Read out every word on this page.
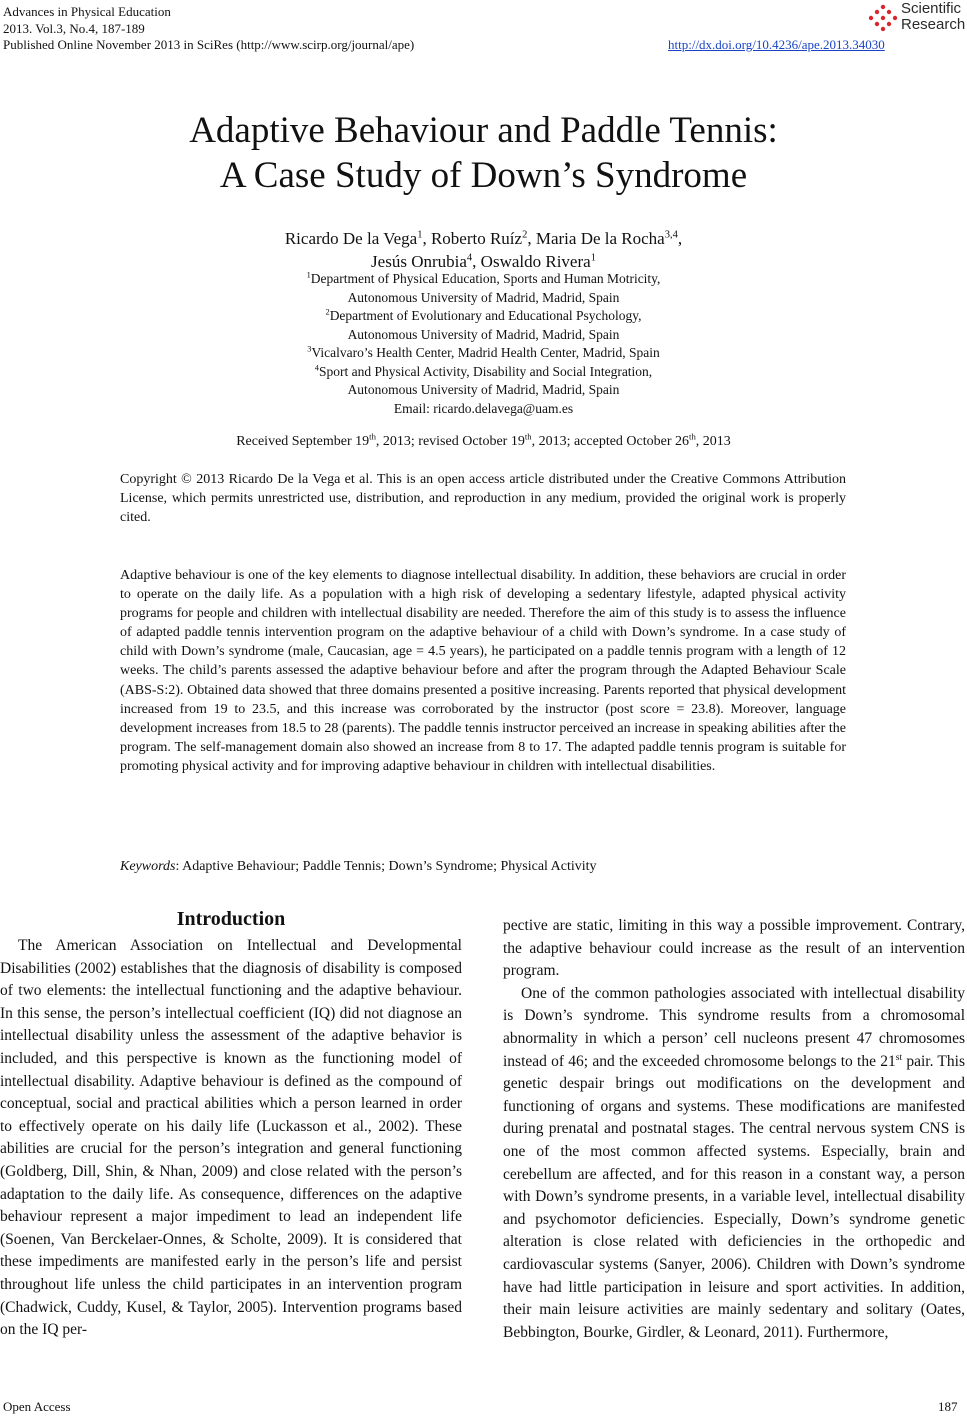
Advances in Physical Education
2013. Vol.3, No.4, 187-189
Published Online November 2013 in SciRes (http://www.scirp.org/journal/ape)	http://dx.doi.org/10.4236/ape.2013.34030
Scientific
Research
Adaptive Behaviour and Paddle Tennis:
A Case Study of Down’s Syndrome
Ricardo De la Vega$^1$, Roberto Ruíz$^2$, Maria De la Rocha$^{3,4}$,
Jesús Onrubia$^4$, Oswaldo Rivera$^1$
$^1$Department of Physical Education, Sports and Human Motricity,
Autonomous University of Madrid, Madrid, Spain
$^2$Department of Evolutionary and Educational Psychology,
Autonomous University of Madrid, Madrid, Spain
$^3$Vicalvaro’s Health Center, Madrid Health Center, Madrid, Spain
$^4$Sport and Physical Activity, Disability and Social Integration,
Autonomous University of Madrid, Madrid, Spain
Email: ricardo.delavega@uam.es
Received September 19th, 2013; revised October 19th, 2013; accepted October 26th, 2013
Copyright © 2013 Ricardo De la Vega et al. This is an open access article distributed under the Creative Commons Attribution License, which permits unrestricted use, distribution, and reproduction in any medium, provided the original work is properly cited.
Adaptive behaviour is one of the key elements to diagnose intellectual disability. In addition, these behaviors are crucial in order to operate on the daily life. As a population with a high risk of developing a sedentary lifestyle, adapted physical activity programs for people and children with intellectual disability are needed. Therefore the aim of this study is to assess the influence of adapted paddle tennis intervention program on the adaptive behaviour of a child with Down’s syndrome. In a case study of child with Down’s syndrome (male, Caucasian, age = 4.5 years), he participated on a paddle tennis program with a length of 12 weeks. The child’s parents assessed the adaptive behaviour before and after the program through the Adapted Behaviour Scale (ABS-S:2). Obtained data showed that three domains presented a positive increasing. Parents reported that physical development increased from 19 to 23.5, and this increase was corroborated by the instructor (post score = 23.8). Moreover, language development increases from 18.5 to 28 (parents). The paddle tennis instructor perceived an increase in speaking abilities after the program. The self-management domain also showed an increase from 8 to 17. The adapted paddle tennis program is suitable for promoting physical activity and for improving adaptive behaviour in children with intellectual disabilities.
Keywords: Adaptive Behaviour; Paddle Tennis; Down’s Syndrome; Physical Activity
Introduction

The American Association on Intellectual and Developmental Disabilities (2002) establishes that the diagnosis of disability is composed of two elements: the intellectual functioning and the adaptive behaviour. In this sense, the person’s intellectual coefficient (IQ) did not diagnose an intellectual disability unless the assessment of the adaptive behavior is included, and this perspective is known as the functioning model of intellectual disability. Adaptive behaviour is defined as the compound of conceptual, social and practical abilities which a person learned in order to effectively operate on his daily life (Luckasson et al., 2002). These abilities are crucial for the person’s integration and general functioning (Goldberg, Dill, Shin, & Nhan, 2009) and close related with the person’s adaptation to the daily life. As consequence, differences on the adaptive behaviour represent a major impediment to lead an independent life (Soenen, Van Berckelaer-Onnes, & Scholte, 2009). It is considered that these impediments are manifested early in the person’s life and persist throughout life unless the child participates in an intervention program (Chadwick, Cuddy, Kusel, & Taylor, 2005). Intervention programs based on the IQ per-

pective are static, limiting in this way a possible improvement. Contrary, the adaptive behaviour could increase as the result of an intervention program.

One of the common pathologies associated with intellectual disability is Down’s syndrome. This syndrome results from a chromosomal abnormality in which a person’ cell nucleons present 47 chromosomes instead of 46; and the exceeded chromosome belongs to the 21st pair. This genetic despair brings out modifications on the development and functioning of organs and systems. These modifications are manifested during prenatal and postnatal stages. The central nervous system CNS is one of the most common affected systems. Especially, brain and cerebellum are affected, and for this reason in a constant way, a person with Down’s syndrome presents, in a variable level, intellectual disability and psychomotor deficiencies. Especially, Down’s syndrome genetic alteration is close related with deficiencies in the orthopedic and cardiovascular systems (Sanyer, 2006). Children with Down’s syndrome have had little participation in leisure and sport activities. In addition, their main leisure activities are mainly sedentary and solitary (Oates, Bebbington, Bourke, Girdler, & Leonard, 2011). Furthermore,

Open Access	187
